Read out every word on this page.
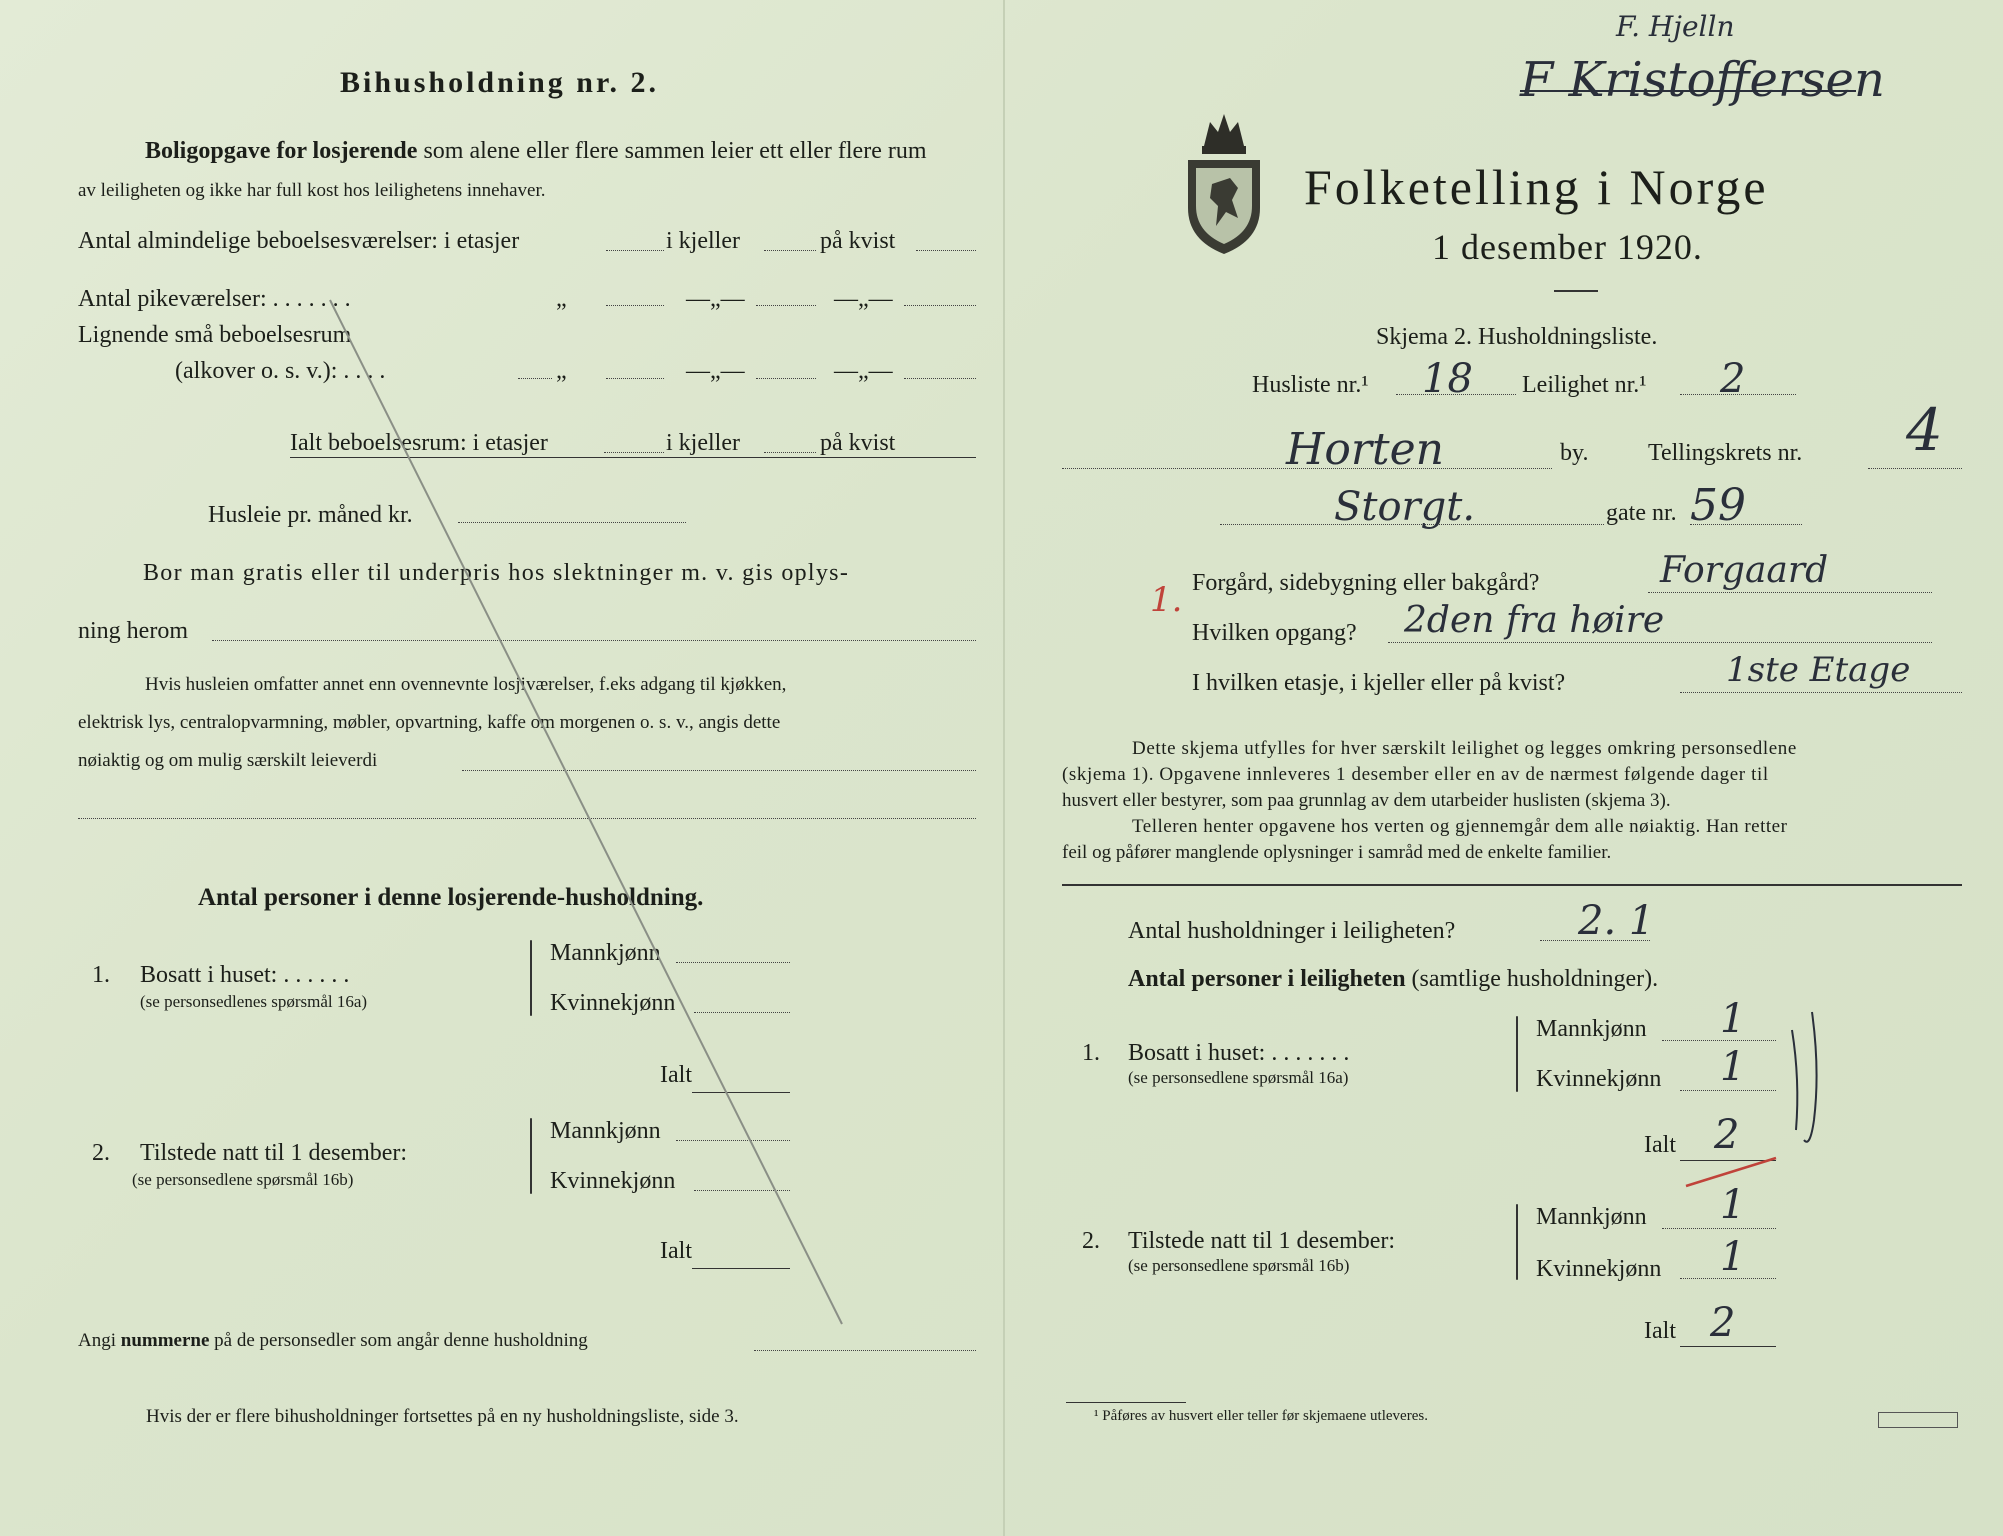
Bihusholdning nr. 2.
Boligopgave for losjerende som alene eller flere sammen leier ett eller flere rum
av leiligheten og ikke har full kost hos leilighetens innehaver.
Antal almindelige beboelsesværelser: i etasjer	i kjeller	på kvist
Antal pikeværelser: . . . . . . .	„	—„—	—„—
Lignende små beboelsesrum
(alkover o. s. v.): . . . .	„	—„—	—„—
Ialt beboelsesrum: i etasjer	i kjeller	på kvist
Husleie pr. måned kr.
Bor man gratis eller til underpris hos slektninger m. v. gis oplys-
ning herom
Hvis husleien omfatter annet enn ovennevnte losjiværelser, f.eks adgang til kjøkken,
elektrisk lys, centralopvarmning, møbler, opvartning, kaffe om morgenen o. s. v., angis dette
nøiaktig og om mulig særskilt leieverdi
Antal personer i denne losjerende-husholdning.
1. Bosatt i huset: . . . . . .
(se personsedlenes spørsmål 16a)
Mannkjønn
Kvinnekjønn
Ialt
2. Tilstede natt til 1 desember:
(se personsedlene spørsmål 16b)
Mannkjønn
Kvinnekjønn
Ialt
Angi nummerne på de personsedler som angår denne husholdning
Hvis der er flere bihusholdninger fortsettes på en ny husholdningsliste, side 3.
Folketelling i Norge
1 desember 1920.
Skjema 2. Husholdningsliste.
Husliste nr.¹ 18 Leilighet nr.¹ 2
Horten	by. Tellingskrets nr. 4
Storgt.	gate nr. 59
1. Forgård, sidebygning eller bakgård?	Forgaard
Hvilken opgang? 2den fra høire
I hvilken etasje, i kjeller eller på kvist?	1ste Etage
Dette skjema utfylles for hver særskilt leilighet og legges omkring personsedlene
(skjema 1). Opgavene innleveres 1 desember eller en av de nærmest følgende dager til
husvert eller bestyrer, som paa grunnlag av dem utarbeider huslisten (skjema 3).
Telleren henter opgavene hos verten og gjennemgår dem alle nøiaktig. Han retter
feil og påfører manglende oplysninger i samråd med de enkelte familier.
Antal husholdninger i leiligheten?	2. 1
Antal personer i leiligheten (samtlige husholdninger).
1. Bosatt i huset: . . . . . . .
(se personsedlene spørsmål 16a)
Mannkjønn 1
Kvinnekjønn 1
Ialt 2
2. Tilstede natt til 1 desember:
(se personsedlene spørsmål 16b)
Mannkjønn 1
Kvinnekjønn 1
Ialt 2
¹ Påføres av husvert eller teller før skjemaene utleveres.
F. Hjelln
F Kristoffersen
